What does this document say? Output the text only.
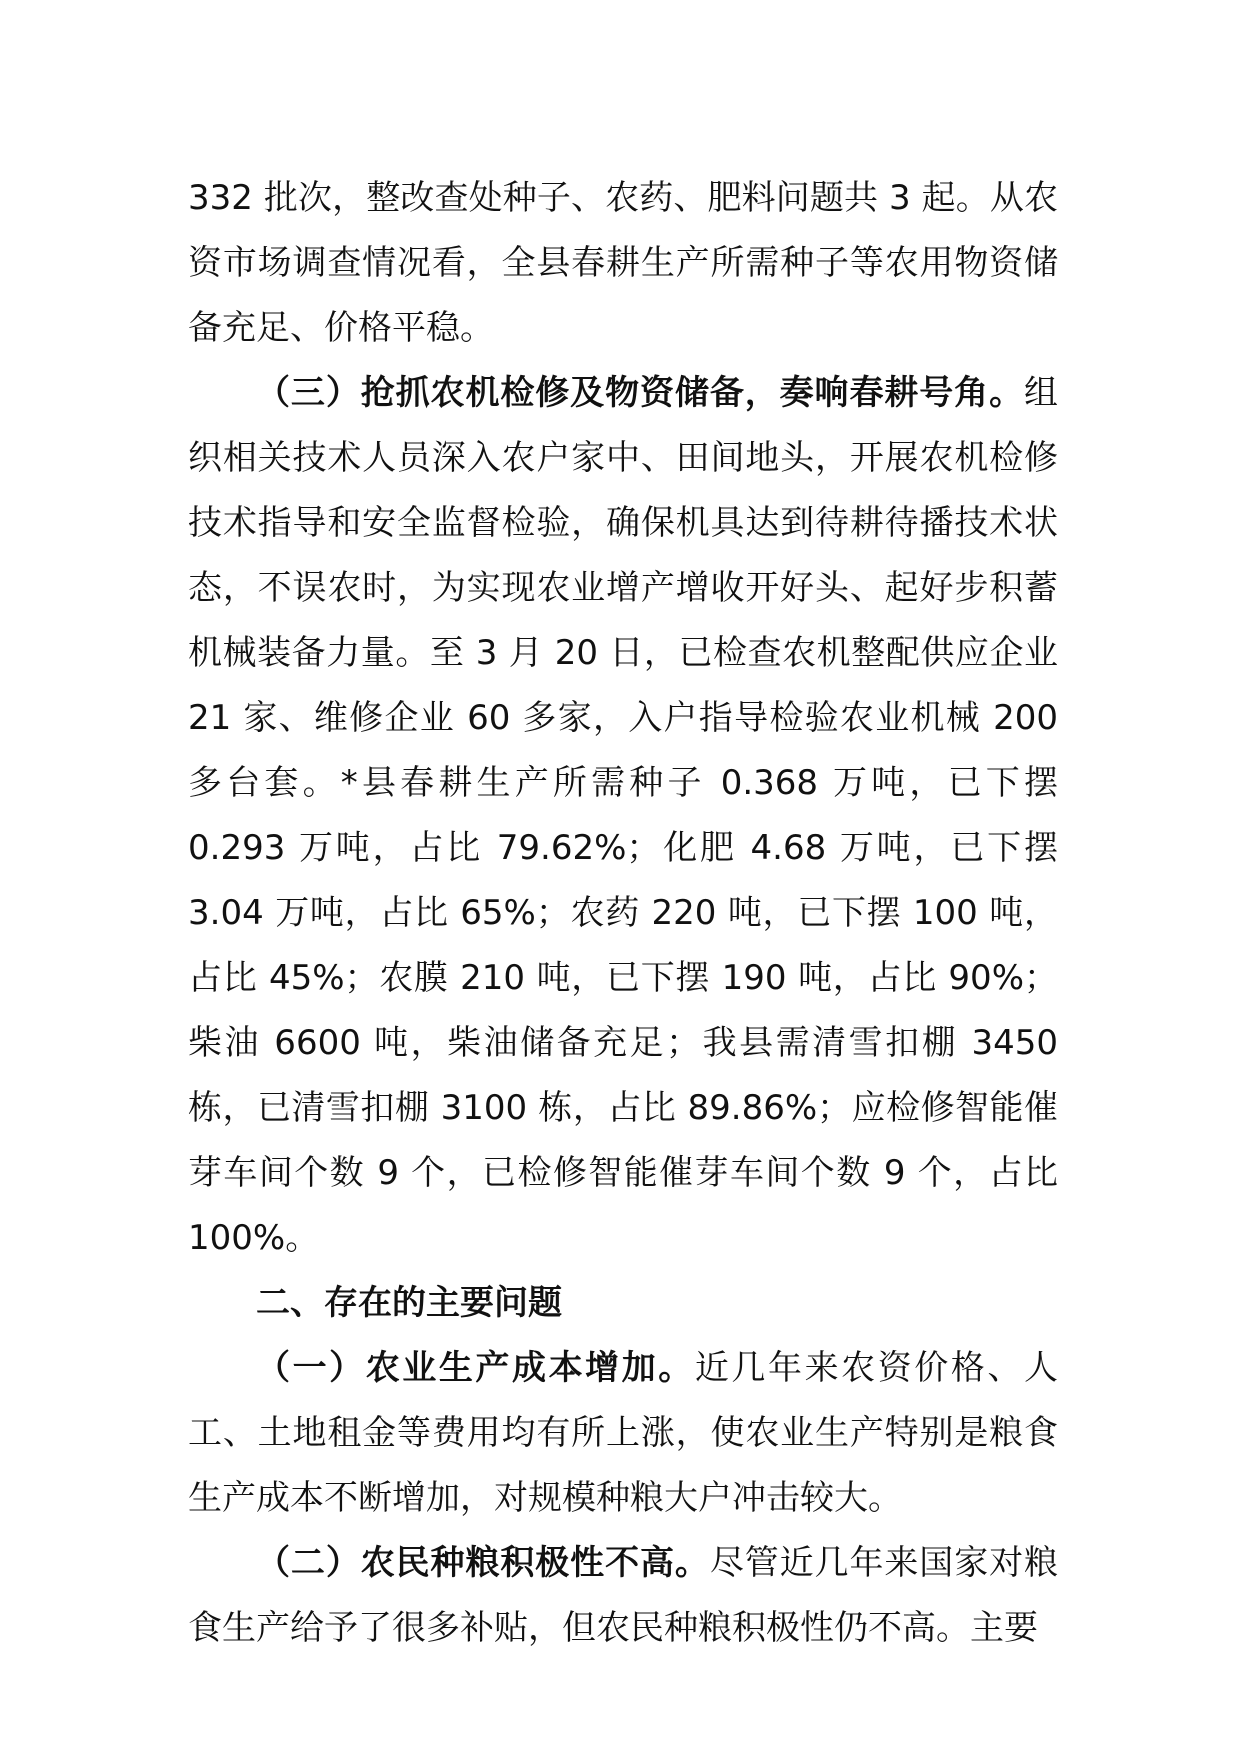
332 批次，整改查处种子、农药、肥料问题共 3 起。从农资市场调查情况看，全县春耕生产所需种子等农用物资储备充足、价格平稳。

（三）抢抓农机检修及物资储备，奏响春耕号角。组织相关技术人员深入农户家中、田间地头，开展农机检修技术指导和安全监督检验，确保机具达到待耕待播技术状态，不误农时，为实现农业增产增收开好头、起好步积蓄机械装备力量。至 3 月 20 日，已检查农机整配供应企业 21 家、维修企业 60 多家，入户指导检验农业机械 200 多台套。*县春耕生产所需种子 0.368 万吨，已下摆 0.293 万吨，占比 79.62%；化肥 4.68 万吨，已下摆 3.04 万吨，占比 65%；农药 220 吨，已下摆 100 吨，占比 45%；农膜 210 吨，已下摆 190 吨，占比 90%；柴油 6600 吨，柴油储备充足；我县需清雪扣棚 3450 栋，已清雪扣棚 3100 栋，占比 89.86%；应检修智能催芽车间个数 9 个，已检修智能催芽车间个数 9 个，占比 100%。

二、存在的主要问题

（一）农业生产成本增加。近几年来农资价格、人工、土地租金等费用均有所上涨，使农业生产特别是粮食生产成本不断增加，对规模种粮大户冲击较大。

（二）农民种粮积极性不高。尽管近几年来国家对粮食生产给予了很多补贴，但农民种粮积极性仍不高。主要
